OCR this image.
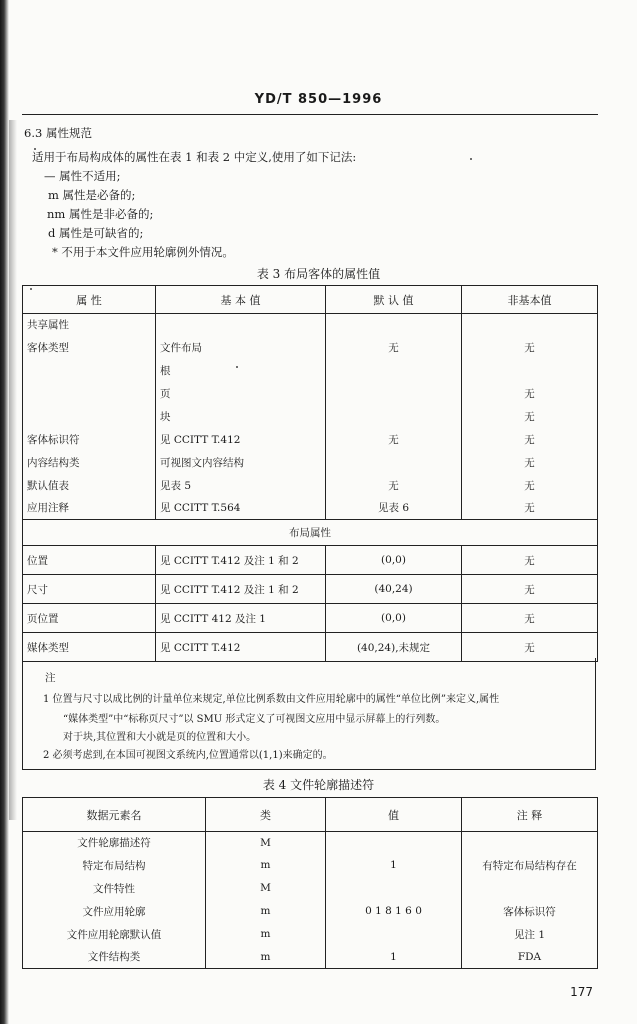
YD/T 850—1996
6.3 属性规范
适用于布局构成体的属性在表 1 和表 2 中定义,使用了如下记法:
— 属性不适用;
m 属性是必备的;
nm 属性是非必备的;
d 属性是可缺省的;
* 不用于本文件应用轮廓例外情况。
表 3 布局客体的属性值
属 性	基 本 值	默 认 值	非基本值
共享属性			
客体类型	文件布局	无	无
	根		
	页		无
	块		无
客体标识符	见 CCITT T.412	无	无
内容结构类	可视图文内容结构		无
默认值表	见表 5	无	无
应用注释	见 CCITT T.564	见表 6	无
布局属性			
位置	见 CCITT T.412 及注 1 和 2	(0,0)	无
尺寸	见 CCITT T.412 及注 1 和 2	(40,24)	无
页位置	见 CCITT 412 及注 1	(0,0)	无
媒体类型	见 CCITT T.412	(40,24),未规定	无
注
1 位置与尺寸以成比例的计量单位来规定,单位比例系数由文件应用轮廓中的属性“单位比例”来定义,属性
“媒体类型”中“标称页尺寸”以 SMU 形式定义了可视图文应用中显示屏幕上的行列数。
对于块,其位置和大小就是页的位置和大小。
2 必须考虑到,在本国可视图文系统内,位置通常以(1,1)来确定的。
表 4 文件轮廓描述符
数据元素名	类	值	注 释
文件轮廓描述符	M		
特定布局结构	m	1	有特定布局结构存在
文件特性	M		
文件应用轮廓	m	0 1 8 1 6 0	客体标识符
文件应用轮廓默认值	m		见注 1
文件结构类	m	1	FDA
177
